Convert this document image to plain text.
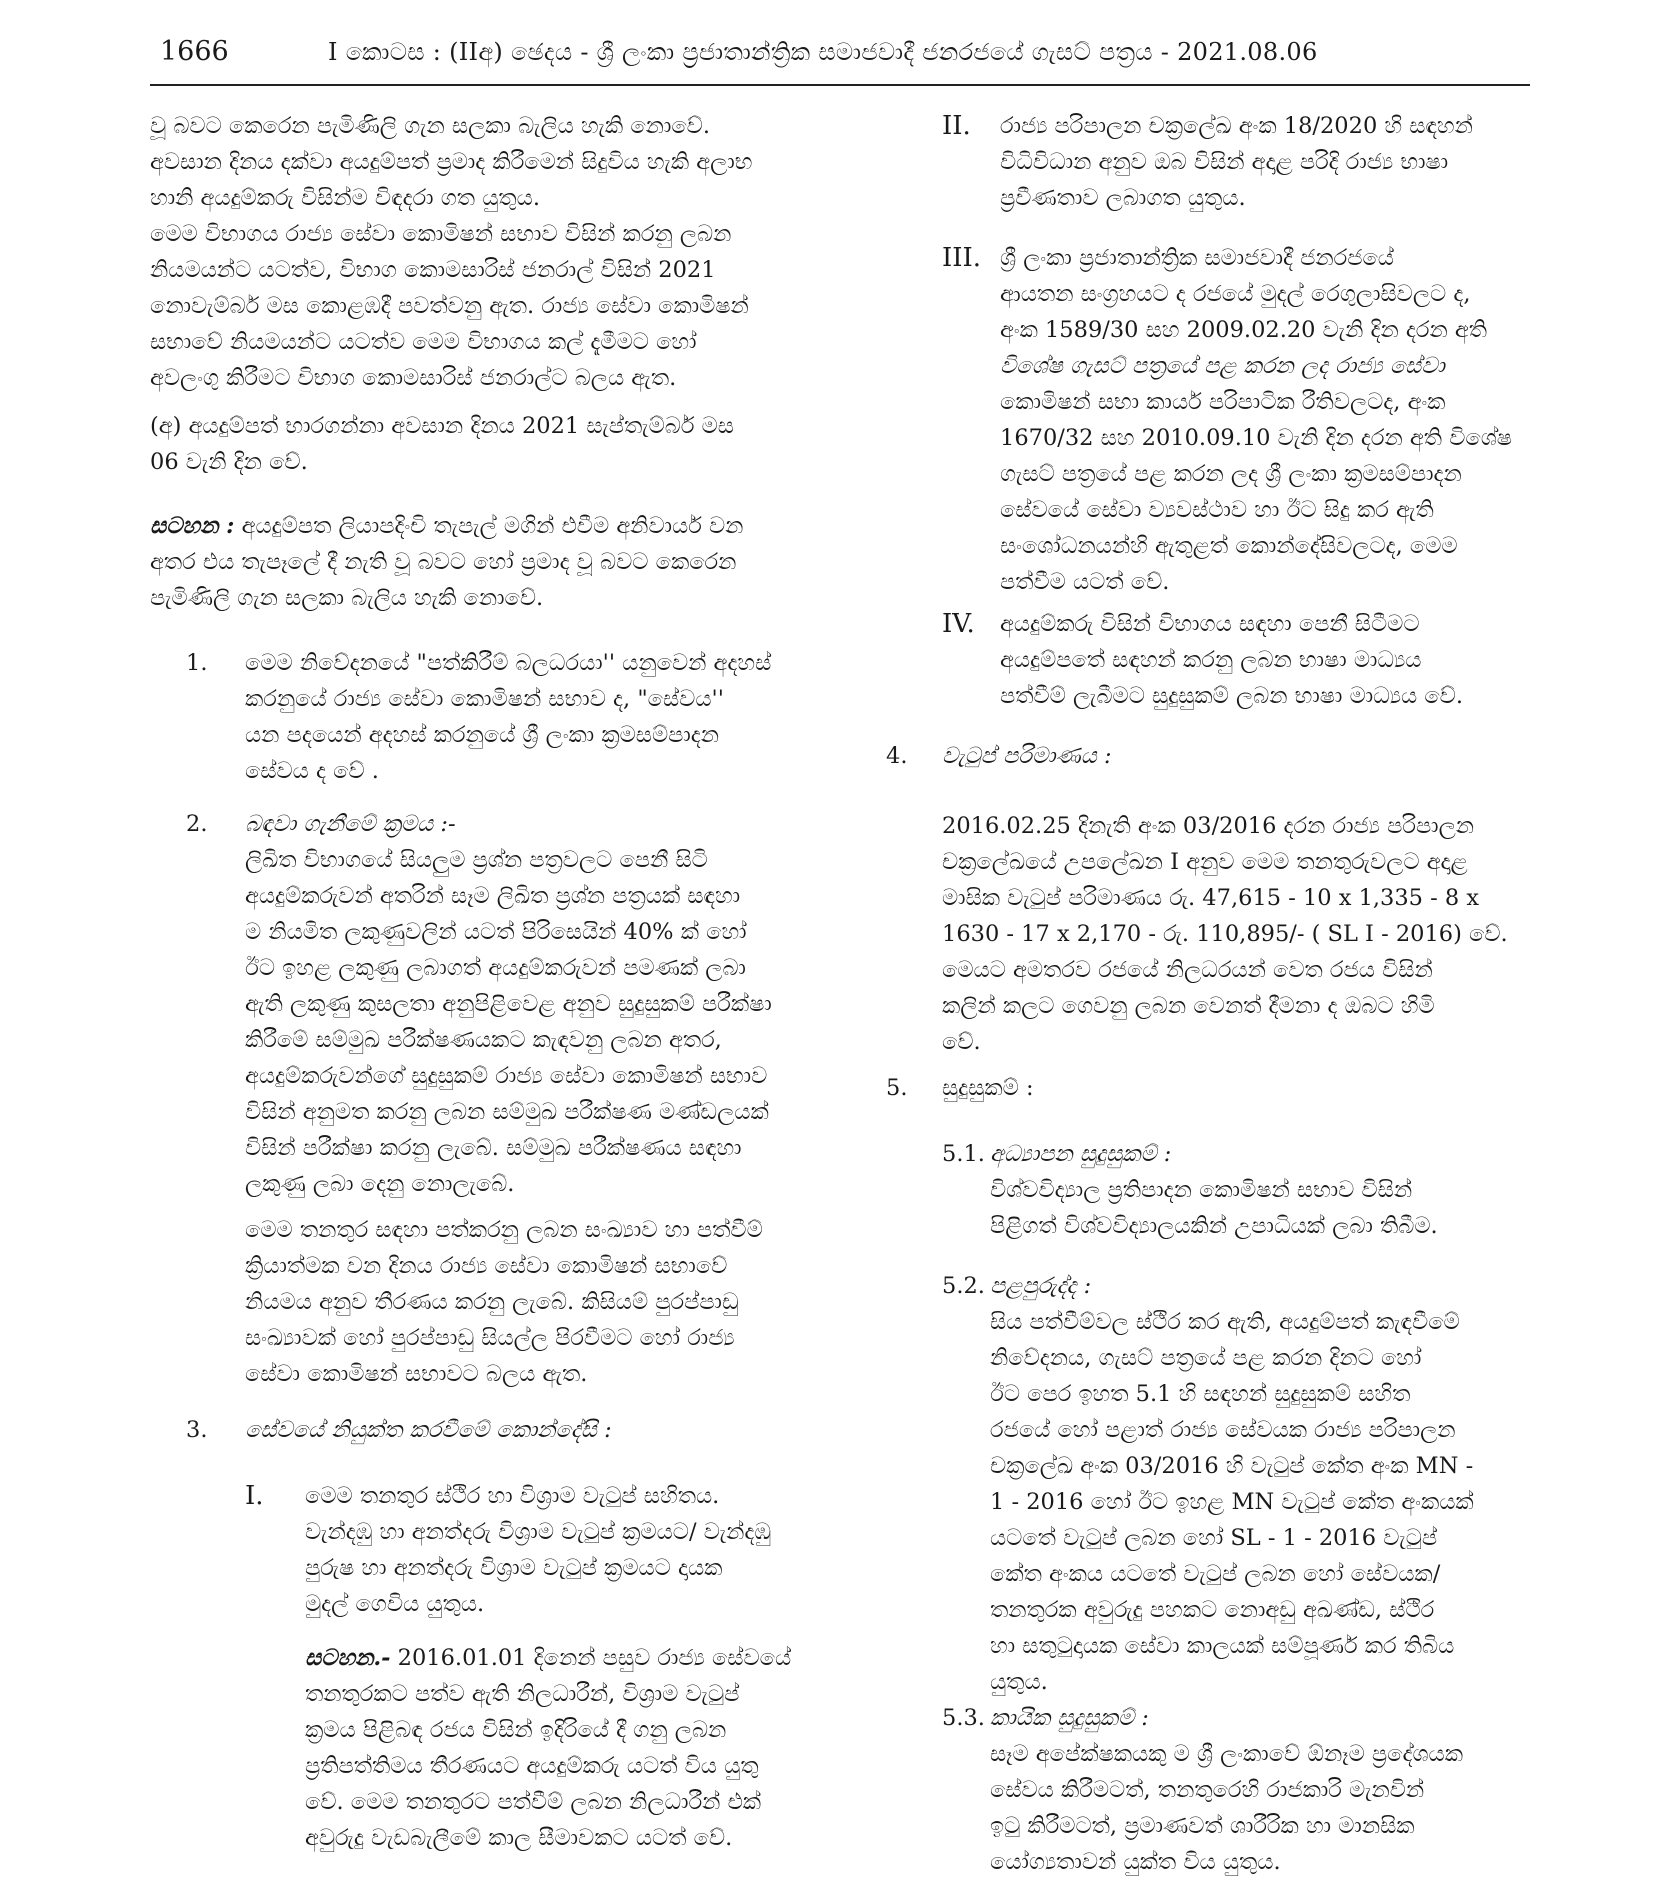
1666	I කොටස : (IIඅ) ඡෙදය - ශ්‍රී ලංකා ප්‍රජාතාන්ත්‍රික සමාජවාදී ජනරජයේ ගැසට් පත්‍රය - 2021.08.06

වූ බවට කෙරෙන පැමිණිලි ගැන සලකා බැලිය හැකි නොවේ.

අවසාන දිනය දක්වා අයදුම්පත් ප්‍රමාද කිරීමෙන් සිදුවිය හැකි අලාභ

හානි අයදුම්කරු විසින්ම විඳදරා ගත යුතුය.

මෙම විභාගය රාජ්‍ය සේවා කොමිෂන් සභාව විසින් කරනු ලබන

නියමයන්ට යටත්ව, විභාග කොමසාරිස් ජනරාල් විසින් 2021

නොවැම්බර් මස කොළඹදී පවත්වනු ඇත. රාජ්‍ය සේවා කොමිෂන්

සභාවේ නියමයන්ට යටත්ව මෙම විභාගය කල් දැමීමට හෝ

අවලංගු කිරීමට විභාග කොමසාරිස් ජනරාල්ට බලය ඇත.

(අ) අයදුම්පත් භාරගන්නා අවසාන දිනය 2021 සැප්තැම්බර් මස

06 වැනි දින වේ.

සටහන : අයදුම්පත ලියාපදිංචි තැපැල් මගින් එවීම අනිවාර්ය වන

අතර එය තැපෑලේ දී නැති වූ බවට හෝ ප්‍රමාද වූ බවට කෙරෙන

පැමිණිලි ගැන සලකා බැලිය හැකි නොවේ.

1. මෙම නිවේදනයේ "පත්කිරීම් බලධරයා'' යනුවෙන් අදහස්

කරනුයේ රාජ්‍ය සේවා කොමිෂන් සභාව ද, "සේවය''

යන පදයෙන් අදහස් කරනුයේ ශ්‍රී ලංකා ක්‍රමසම්පාදන

සේවය ද වේ .

2. බඳවා ගැනීමේ ක්‍රමය :-

ලිඛිත විභාගයේ සියලුම ප්‍රශ්න පත්‍රවලට පෙනී සිටි

අයදුම්කරුවන් අතරින් සෑම ලිඛිත ප්‍රශ්න පත්‍රයක් සඳහා

ම නියමිත ලකුණුවලින් යටත් පිරිසෙයින් 40% ක් හෝ

ඊට ඉහළ ලකුණු ලබාගත් අයදුම්කරුවන් පමණක් ලබා

ඇති ලකුණු කුසලතා අනුපිළිවෙළ අනුව සුදුසුකම් පරීක්ෂා

කිරීමේ සම්මුඛ පරීක්ෂණයකට කැඳවනු ලබන අතර,

අයදුම්කරුවන්ගේ සුදුසුකම් රාජ්‍ය සේවා කොමිෂන් සභාව

විසින් අනුමත කරනු ලබන සම්මුඛ පරීක්ෂණ මණ්ඩලයක්

විසින් පරීක්ෂා කරනු ලැබේ. සම්මුඛ පරීක්ෂණය සඳහා

ලකුණු ලබා දෙනු නොලැබේ.

මෙම තනතුර සඳහා පත්කරනු ලබන සංඛ්‍යාව හා පත්වීම්

ක්‍රියාත්මක වන දිනය රාජ්‍ය සේවා කොමිෂන් සභාවේ

නියමය අනුව තීරණය කරනු ලැබේ. කිසියම් පුරප්පාඩු

සංඛ්‍යාවක් හෝ පුරප්පාඩු සියල්ල පිරවීමට හෝ රාජ්‍ය

සේවා කොමිෂන් සභාවට බලය ඇත.

3. සේවයේ නියුක්ත කරවීමේ කොන්දේසි :

I. මෙම තනතුර ස්ථිර හා විශ්‍රාම වැටුප් සහිතය.

වැන්දඹු හා අනත්දරු විශ්‍රාම වැටුප් ක්‍රමයට/ වැන්දඹු

පුරුෂ හා අනත්දරු විශ්‍රාම වැටුප් ක්‍රමයට දායක

මුදල් ගෙවිය යුතුය.

සටහන.- 2016.01.01 දිනෙන් පසුව රාජ්‍ය සේවයේ

තනතුරකට පත්ව ඇති නිලධාරීන්, විශ්‍රාම වැටුප්

ක්‍රමය පිළිබඳ රජය විසින් ඉදිරියේ දී ගනු ලබන

ප්‍රතිපත්තිමය තීරණයට අයදුම්කරු යටත් විය යුතු

වේ. මෙම තනතුරට පත්වීම් ලබන නිලධාරීන් එක්

අවුරුදු වැඩබැලීමේ කාල සීමාවකට යටත් වේ.

II. රාජ්‍ය පරිපාලන චක්‍රලේඛ අංක 18/2020 හි සඳහන්

විධිවිධාන අනුව ඔබ විසින් අදාළ පරිදි රාජ්‍ය භාෂා

ප්‍රවීණතාව ලබාගත යුතුය.

III. ශ්‍රී ලංකා ප්‍රජාතාන්ත්‍රික සමාජවාදී ජනරජයේ

ආයතන සංග්‍රහයට ද රජයේ මුදල් රෙගුලාසිවලට ද,

අංක 1589/30 සහ 2009.02.20 වැනි දින දරන අති

විශේෂ ගැසට් පත්‍රයේ පළ කරන ලද රාජ්‍ය සේවා

කොමිෂන් සභා කාර්ය පරිපාටික රීතිවලටද, අංක

1670/32 සහ 2010.09.10 වැනි දින දරන අති විශේෂ

ගැසට් පත්‍රයේ පළ කරන ලද ශ්‍රී ලංකා ක්‍රමසම්පාදන

සේවයේ සේවා ව්‍යවස්ථාව හා ඊට සිදු කර ඇති

සංශෝධනයන්හි ඇතුළත් කොන්දේසිවලටද, මෙම

පත්වීම යටත් වේ.

IV. අයදුම්කරු විසින් විභාගය සඳහා පෙනී සිටීමට

අයදුම්පතේ සඳහන් කරනු ලබන භාෂා මාධ්‍යය

පත්වීම් ලැබීමට සුදුසුකම් ලබන භාෂා මාධ්‍යය වේ.

4. වැටුප් පරිමාණය :

2016.02.25 දිනැති අංක 03/2016 දරන රාජ්‍ය පරිපාලන

චක්‍රලේඛයේ උපලේඛන I අනුව මෙම තනතුරුවලට අදාළ

මාසික වැටුප් පරිමාණය රු. 47,615 - 10 x 1,335 - 8 x

1630 - 17 x 2,170 - රු. 110,895/- ( SL I - 2016) වේ.

මෙයට අමතරව රජයේ නිලධරයන් වෙත රජය විසින්

කලින් කලට ගෙවනු ලබන වෙනත් දීමනා ද ඔබට හිමි

වේ.

5. සුදුසුකම් :

5.1. අධ්‍යාපන සුදුසුකම් :

විශ්වවිද්‍යාල ප්‍රතිපාදන කොමිෂන් සභාව විසින්

පිළිගත් විශ්වවිද්‍යාලයකින් උපාධියක් ලබා තිබීම.

5.2. පළපුරුද්ද :

සිය පත්වීම්වල ස්ථිර කර ඇති, අයදුම්පත් කැඳවීමේ

නිවේදනය, ගැසට් පත්‍රයේ පළ කරන දිනට හෝ

ඊට පෙර ඉහත 5.1 හි සඳහන් සුදුසුකම් සහිත

රජයේ හෝ පළාත් රාජ්‍ය සේවයක රාජ්‍ය පරිපාලන

චක්‍රලේඛ අංක 03/2016 හි වැටුප් කේත අංක MN -

1 - 2016 හෝ ඊට ඉහළ MN වැටුප් කේත අංකයක්

යටතේ වැටුප් ලබන හෝ SL - 1 - 2016 වැටුප්

කේත අංකය යටතේ වැටුප් ලබන හෝ සේවයක/

තනතුරක අවුරුදු පහකට නොඅඩු අඛණ්ඩ, ස්ථිර

හා සතුටුදායක සේවා කාලයක් සම්පූර්ණ කර තිබිය

යුතුය.

5.3. කායික සුදුසුකම් :

සෑම අපේක්ෂකයකු ම ශ්‍රී ලංකාවේ ඕනෑම ප්‍රදේශයක

සේවය කිරීමටත්, තනතුරෙහි රාජකාරි මැනවින්

ඉටු කිරීමටත්, ප්‍රමාණවත් ශාරීරික හා මානසික

යෝග්‍යතාවන් යුක්ත විය යුතුය.
